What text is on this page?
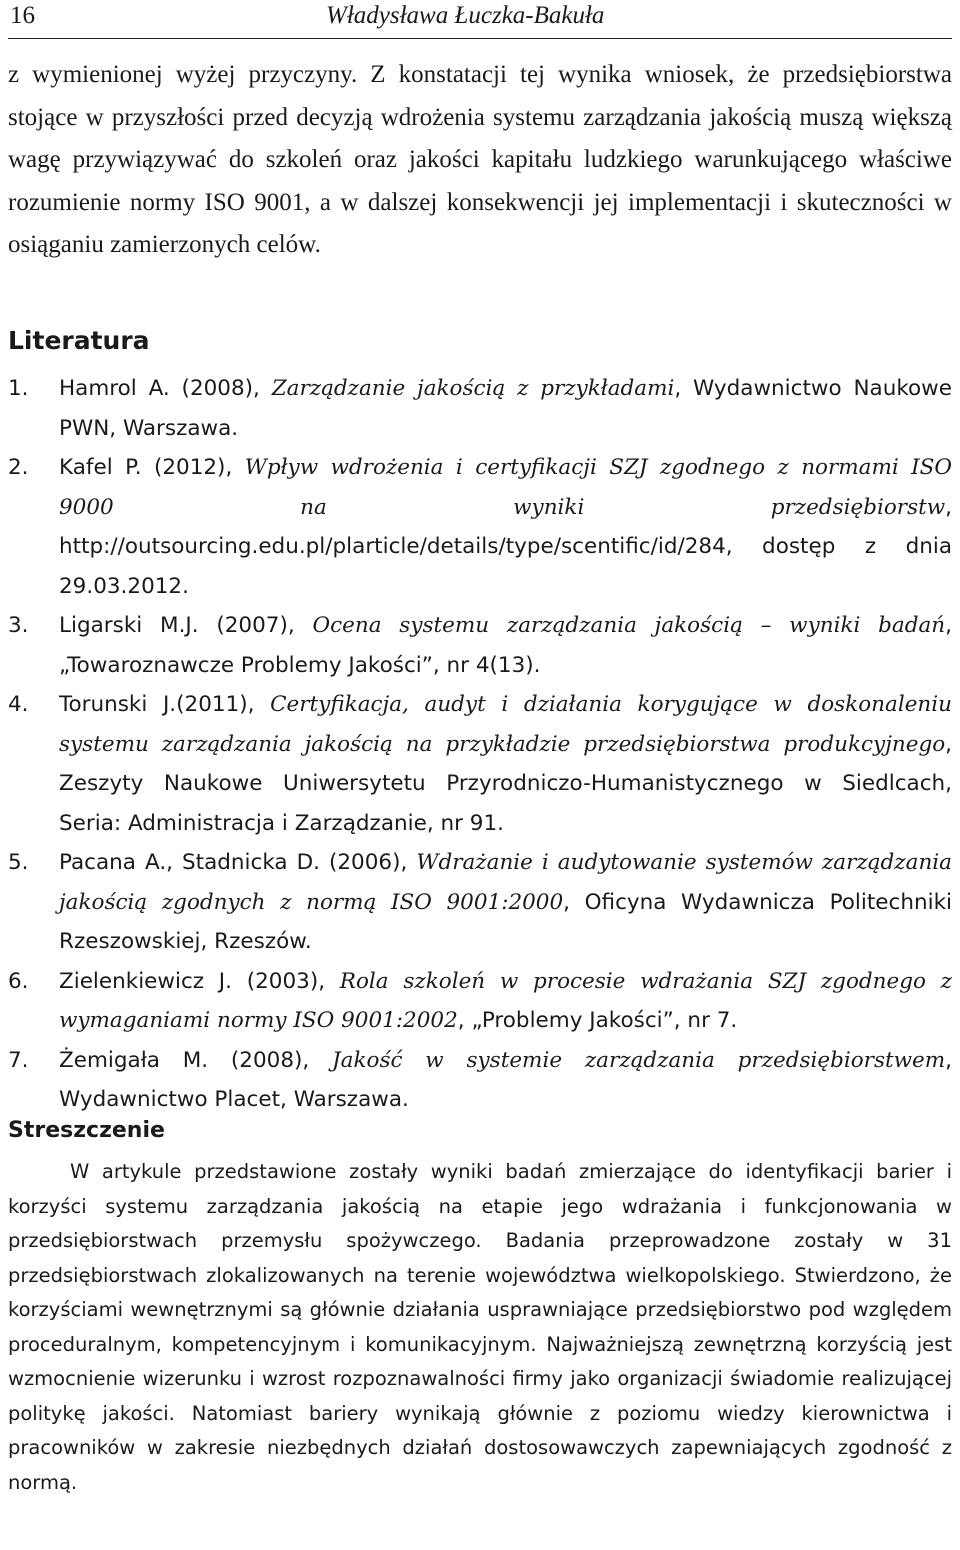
16	Władysława Łuczka-Bakuła

z wymienionej wyżej przyczyny. Z konstatacji tej wynika wniosek, że przedsiębiorstwa stojące w przyszłości przed decyzją wdrożenia systemu zarządzania jakością muszą większą wagę przywiązywać do szkoleń oraz jakości kapitału ludzkiego warunkującego właściwe rozumienie normy ISO 9001, a w dalszej konsekwencji jej implementacji i skuteczności w osiąganiu zamierzonych celów.

Literatura
1. Hamrol A. (2008), Zarządzanie jakością z przykładami, Wydawnictwo Naukowe PWN, Warszawa.
2. Kafel P. (2012), Wpływ wdrożenia i certyfikacji SZJ zgodnego z normami ISO 9000 na wyniki przedsiębiorstw, http://outsourcing.edu.pl/plarticle/details/type/scentific/id/284, dostęp z dnia 29.03.2012.
3. Ligarski M.J. (2007), Ocena systemu zarządzania jakością – wyniki badań, „Towaroznawcze Problemy Jakości”, nr 4(13).
4. Torunski J.(2011), Certyfikacja, audyt i działania korygujące w doskonaleniu systemu zarządzania jakością na przykładzie przedsiębiorstwa produkcyjnego, Zeszyty Naukowe Uniwersytetu Przyrodniczo-Humanistycznego w Siedlcach, Seria: Administracja i Zarządzanie, nr 91.
5. Pacana A., Stadnicka D. (2006), Wdrażanie i audytowanie systemów zarządzania jakością zgodnych z normą ISO 9001:2000, Oficyna Wydawnicza Politechniki Rzeszowskiej, Rzeszów.
6. Zielenkiewicz J. (2003), Rola szkoleń w procesie wdrażania SZJ zgodnego z wymaganiami normy ISO 9001:2002, „Problemy Jakości”, nr 7.
7. Żemigała M. (2008), Jakość w systemie zarządzania przedsiębiorstwem, Wydawnictwo Placet, Warszawa.
Streszczenie

W artykule przedstawione zostały wyniki badań zmierzające do identyfikacji barier i korzyści systemu zarządzania jakością na etapie jego wdrażania i funkcjonowania w przedsiębiorstwach przemysłu spożywczego. Badania przeprowadzone zostały w 31 przedsiębiorstwach zlokalizowanych na terenie województwa wielkopolskiego. Stwierdzono, że korzyściami wewnętrznymi są głównie działania usprawniające przedsiębiorstwo pod względem proceduralnym, kompetencyjnym i komunikacyjnym. Najważniejszą zewnętrzną korzyścią jest wzmocnienie wizerunku i wzrost rozpoznawalności firmy jako organizacji świadomie realizującej politykę jakości. Natomiast bariery wynikają głównie z poziomu wiedzy kierownictwa i pracowników w zakresie niezbędnych działań dostosowawczych zapewniających zgodność z normą.
